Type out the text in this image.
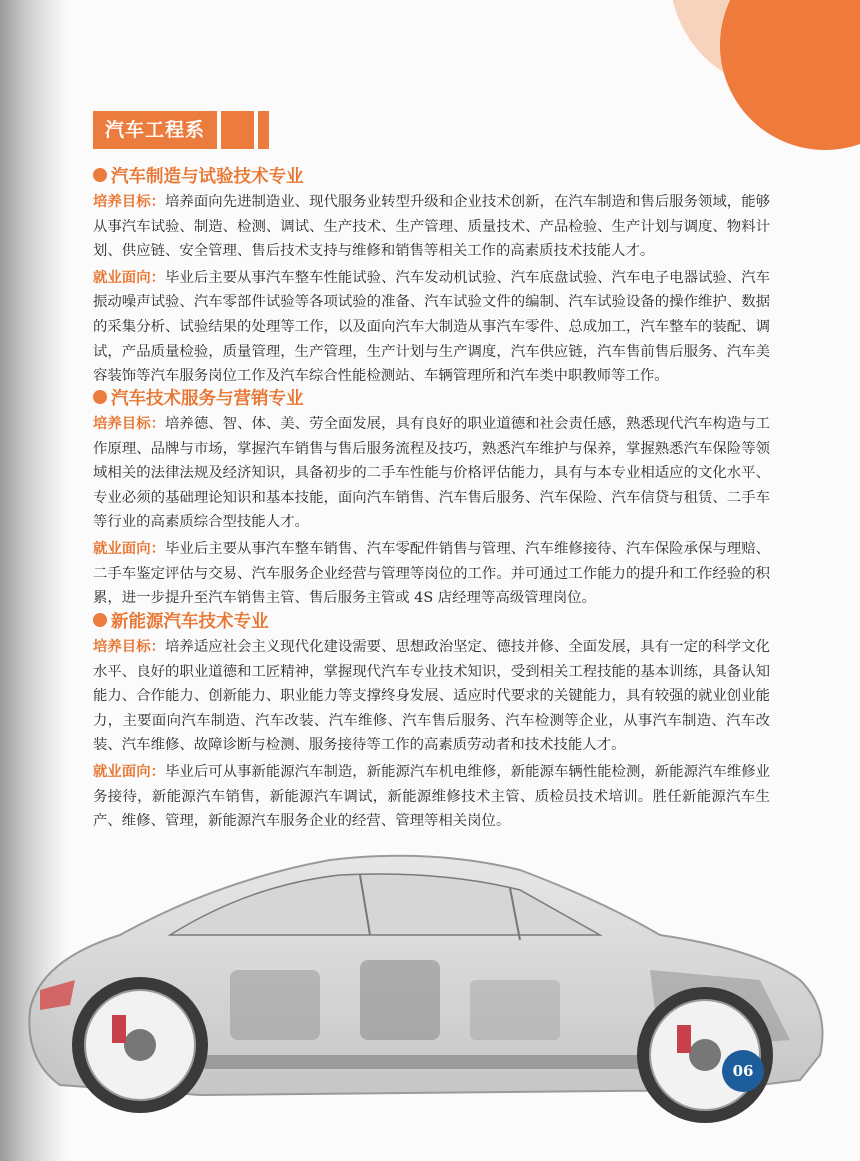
汽车工程系
汽车制造与试验技术专业

培养目标：培养面向先进制造业、现代服务业转型升级和企业技术创新，在汽车制造和售后服务领域，能够从事汽车试验、制造、检测、调试、生产技术、生产管理、质量技术、产品检验、生产计划与调度、物料计划、供应链、安全管理、售后技术支持与维修和销售等相关工作的高素质技术技能人才。

就业面向：毕业后主要从事汽车整车性能试验、汽车发动机试验、汽车底盘试验、汽车电子电器试验、汽车振动噪声试验、汽车零部件试验等各项试验的准备、汽车试验文件的编制、汽车试验设备的操作维护、数据的采集分析、试验结果的处理等工作，以及面向汽车大制造从事汽车零件、总成加工，汽车整车的装配、调试，产品质量检验，质量管理，生产管理，生产计划与生产调度，汽车供应链，汽车售前售后服务、汽车美容装饰等汽车服务岗位工作及汽车综合性能检测站、车辆管理所和汽车类中职教师等工作。

汽车技术服务与营销专业

培养目标：培养德、智、体、美、劳全面发展，具有良好的职业道德和社会责任感，熟悉现代汽车构造与工作原理、品牌与市场，掌握汽车销售与售后服务流程及技巧，熟悉汽车维护与保养，掌握熟悉汽车保险等领域相关的法律法规及经济知识，具备初步的二手车性能与价格评估能力，具有与本专业相适应的文化水平、专业必须的基础理论知识和基本技能，面向汽车销售、汽车售后服务、汽车保险、汽车信贷与租赁、二手车等行业的高素质综合型技能人才。

就业面向：毕业后主要从事汽车整车销售、汽车零配件销售与管理、汽车维修接待、汽车保险承保与理赔、二手车鉴定评估与交易、汽车服务企业经营与管理等岗位的工作。并可通过工作能力的提升和工作经验的积累，进一步提升至汽车销售主管、售后服务主管或 4S 店经理等高级管理岗位。

新能源汽车技术专业

培养目标：培养适应社会主义现代化建设需要、思想政治坚定、德技并修、全面发展，具有一定的科学文化水平、良好的职业道德和工匠精神，掌握现代汽车专业技术知识，受到相关工程技能的基本训练，具备认知能力、合作能力、创新能力、职业能力等支撑终身发展、适应时代要求的关键能力，具有较强的就业创业能力，主要面向汽车制造、汽车改装、汽车维修、汽车售后服务、汽车检测等企业，从事汽车制造、汽车改装、汽车维修、故障诊断与检测、服务接待等工作的高素质劳动者和技术技能人才。

就业面向：毕业后可从事新能源汽车制造，新能源汽车机电维修，新能源车辆性能检测，新能源汽车维修业务接待，新能源汽车销售，新能源汽车调试，新能源维修技术主管、质检员技术培训。胜任新能源汽车生产、维修、管理，新能源汽车服务企业的经营、管理等相关岗位。

06
